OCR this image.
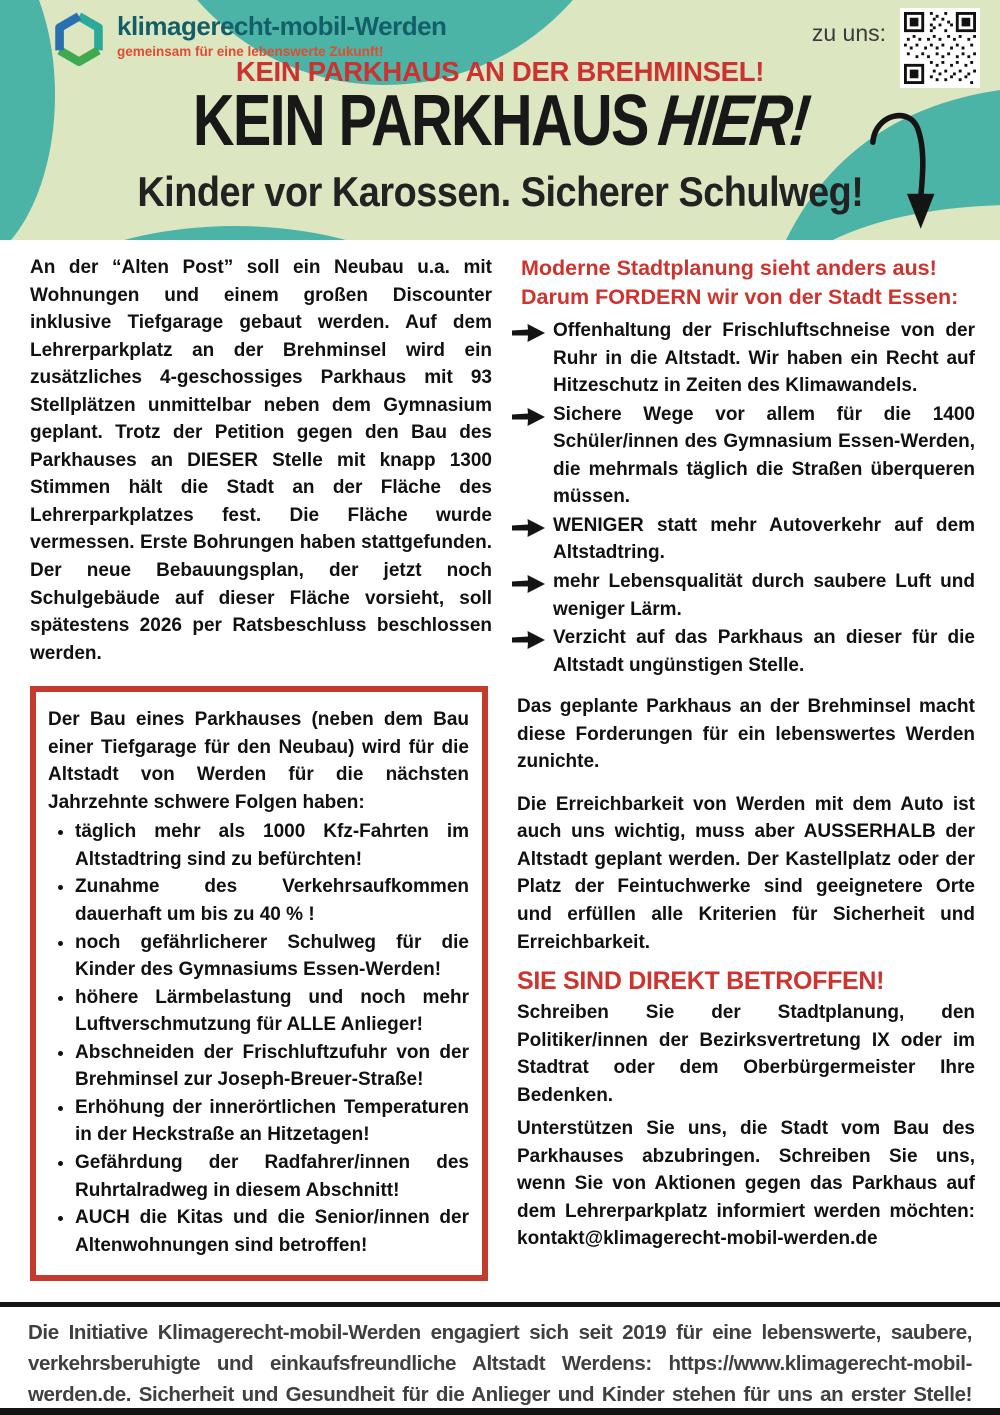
klimagerecht-mobil-Werden
gemeinsam für eine lebenswerte Zukunft!
zu uns:
KEIN PARKHAUS AN DER BREHMINSEL!
KEIN PARKHAUSHIER!
Kinder vor Karossen. Sicherer Schulweg!

An der “Alten Post” soll ein Neubau u.a. mit Wohnungen und einem großen Discounter inklusive Tiefgarage gebaut werden. Auf dem Lehrerparkplatz an der Brehminsel wird ein zusätzliches 4-geschossiges Parkhaus mit 93 Stellplätzen unmittelbar neben dem Gymnasium geplant. Trotz der Petition gegen den Bau des Parkhauses an DIESER Stelle mit knapp 1300 Stimmen hält die Stadt an der Fläche des Lehrerparkplatzes fest. Die Fläche wurde vermessen. Erste Bohrungen haben stattgefunden. Der neue Bebauungsplan, der jetzt noch Schulgebäude auf dieser Fläche vorsieht, soll spätestens 2026 per Ratsbeschluss beschlossen werden.

Der Bau eines Parkhauses (neben dem Bau einer Tiefgarage für den Neubau) wird für die Altstadt von Werden für die nächsten Jahrzehnte schwere Folgen haben:

• täglich mehr als 1000 Kfz-Fahrten im Altstadtring sind zu befürchten!
• Zunahme des Verkehrsaufkommen dauerhaft um bis zu 40 % !
• noch gefährlicherer Schulweg für die Kinder des Gymnasiums Essen-Werden!
• höhere Lärmbelastung und noch mehr Luftverschmutzung für ALLE Anlieger!
• Abschneiden der Frischluftzufuhr von der Brehminsel zur Joseph-Breuer-Straße!
• Erhöhung der innerörtlichen Temperaturen in der Heckstraße an Hitzetagen!
• Gefährdung der Radfahrer/innen des Ruhrtalradweg in diesem Abschnitt!
• AUCH die Kitas und die Senior/innen der Altenwohnungen sind betroffen!

Moderne Stadtplanung sieht anders aus!

Darum FORDERN wir von der Stadt Essen:

Offenhaltung der Frischluftschneise von der Ruhr in die Altstadt. Wir haben ein Recht auf Hitzeschutz in Zeiten des Klimawandels.
Sichere Wege vor allem für die 1400 Schüler/innen des Gymnasium Essen-Werden, die mehrmals täglich die Straßen überqueren müssen.
WENIGER statt mehr Autoverkehr auf dem Altstadtring.
mehr Lebensqualität durch saubere Luft und weniger Lärm.
Verzicht auf das Parkhaus an dieser für die Altstadt ungünstigen Stelle.

Das geplante Parkhaus an der Brehminsel macht diese Forderungen für ein lebenswertes Werden zunichte.

Die Erreichbarkeit von Werden mit dem Auto ist auch uns wichtig, muss aber AUSSERHALB der Altstadt geplant werden. Der Kastellplatz oder der Platz der Feintuchwerke sind geeignetere Orte und erfüllen alle Kriterien für Sicherheit und Erreichbarkeit.

SIE SIND DIREKT BETROFFEN!

Schreiben Sie der Stadtplanung, den Politiker/innen der Bezirksvertretung IX oder im Stadtrat oder dem Oberbürgermeister Ihre Bedenken.

Unterstützen Sie uns, die Stadt vom Bau des Parkhauses abzubringen. Schreiben Sie uns, wenn Sie von Aktionen gegen das Parkhaus auf dem Lehrerparkplatz informiert werden möchten: kontakt@klimagerecht-mobil-werden.de

Die Initiative Klimagerecht-mobil-Werden engagiert sich seit 2019 für eine lebenswerte, saubere, verkehrsberuhigte und einkaufsfreundliche Altstadt Werdens: https://www.klimagerecht-mobil-werden.de. Sicherheit und Gesundheit für die Anlieger und Kinder stehen für uns an erster Stelle!
